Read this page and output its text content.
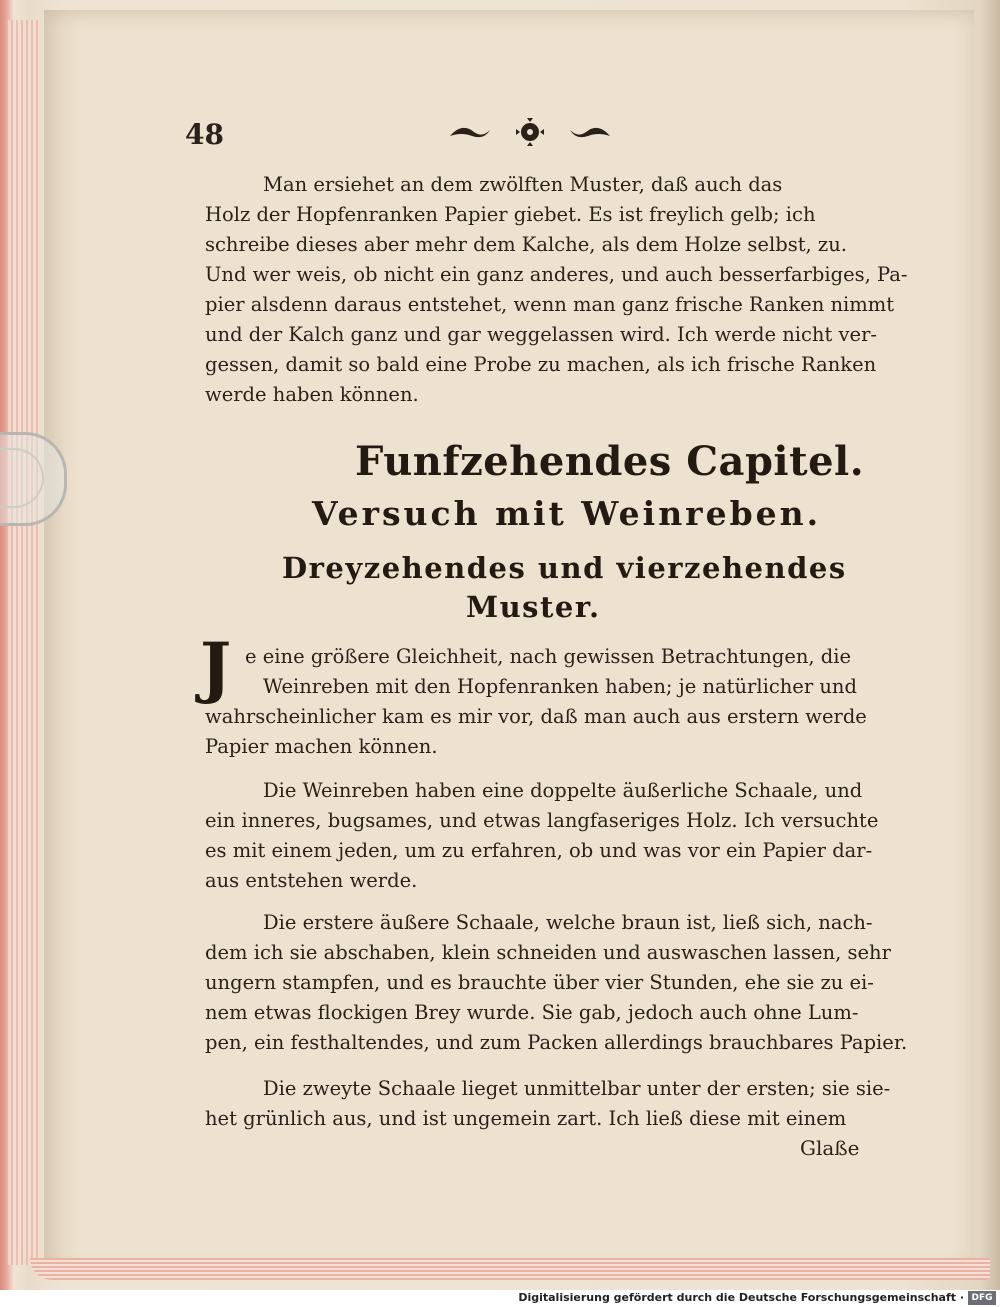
48
Man ersiehet an dem zwölften Muster, daß auch das
Holz der Hopfenranken Papier giebet. Es ist freylich gelb; ich
schreibe dieses aber mehr dem Kalche, als dem Holze selbst, zu.
Und wer weis, ob nicht ein ganz anderes, und auch besserfarbiges, Pa-
pier alsdenn daraus entstehet, wenn man ganz frische Ranken nimmt
und der Kalch ganz und gar weggelassen wird. Ich werde nicht ver-
gessen, damit so bald eine Probe zu machen, als ich frische Ranken
werde haben können.
Funfzehendes Capitel.
Versuch mit Weinreben.
Dreyzehendes und vierzehendes
Muster.
J e eine größere Gleichheit, nach gewissen Betrachtungen, die
Weinreben mit den Hopfenranken haben; je natürlicher und
wahrscheinlicher kam es mir vor, daß man auch aus erstern werde
Papier machen können.
Die Weinreben haben eine doppelte äußerliche Schaale, und
ein inneres, bugsames, und etwas langfaseriges Holz. Ich versuchte
es mit einem jeden, um zu erfahren, ob und was vor ein Papier dar-
aus entstehen werde.
Die erstere äußere Schaale, welche braun ist, ließ sich, nach-
dem ich sie abschaben, klein schneiden und auswaschen lassen, sehr
ungern stampfen, und es brauchte über vier Stunden, ehe sie zu ei-
nem etwas flockigen Brey wurde. Sie gab, jedoch auch ohne Lum-
pen, ein festhaltendes, und zum Packen allerdings brauchbares Papier.
Die zweyte Schaale lieget unmittelbar unter der ersten; sie sie-
het grünlich aus, und ist ungemein zart. Ich ließ diese mit einem
Glaße
Digitalisierung gefördert durch die Deutsche Forschungsgemeinschaft · DFG
